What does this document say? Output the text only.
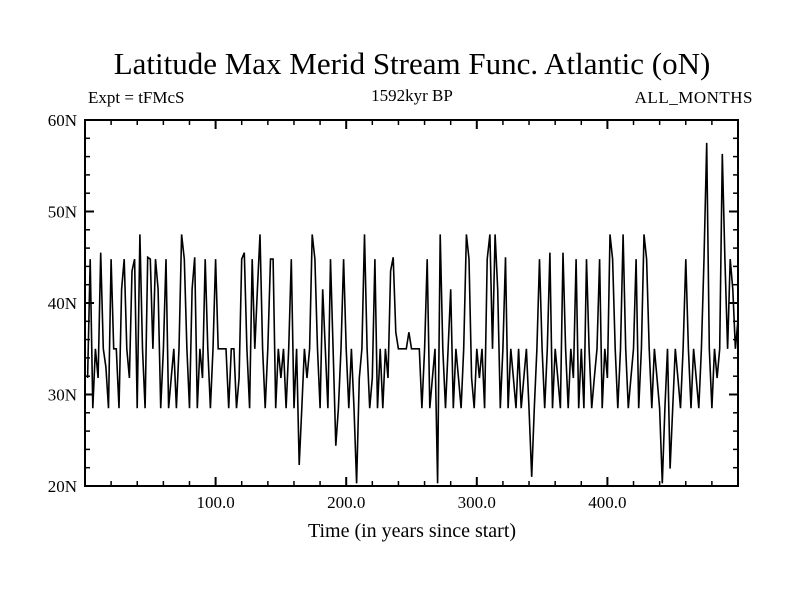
Latitude Max Merid Stream Func. Atlantic (oN)
Expt = tFMcS	1592kyr BP	ALL_MONTHS
100.0	200.0	300.0	400.0
20N
30N
40N
50N
60N
Time (in years since start)
